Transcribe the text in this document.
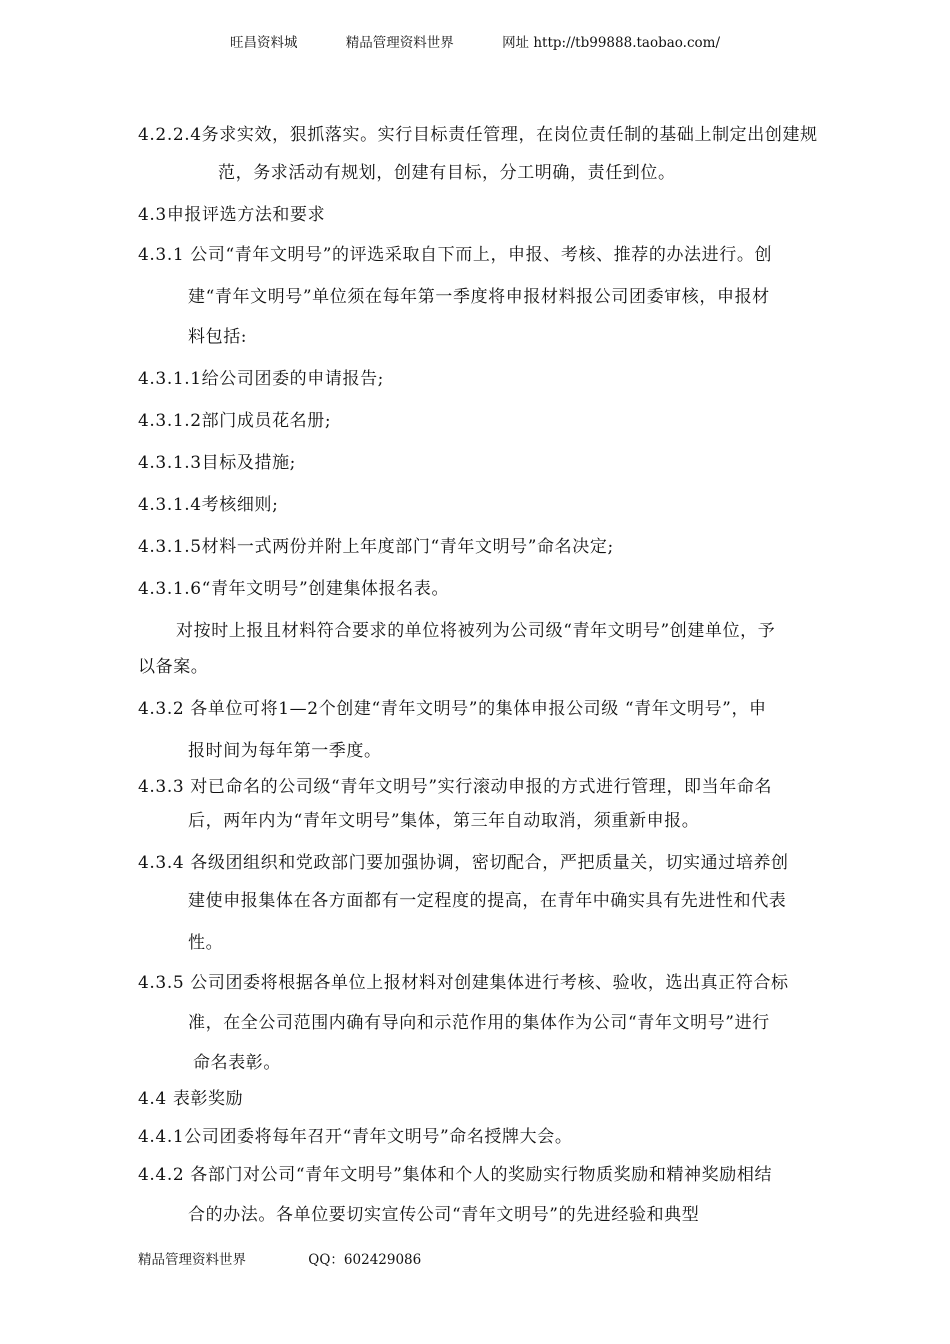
旺昌资料城	精品管理资料世界	网址 http://tb99888.taobao.com/
4.2.2.4务求实效，狠抓落实。实行目标责任管理，在岗位责任制的基础上制定出创建规
范，务求活动有规划，创建有目标，分工明确，责任到位。
4.3申报评选方法和要求
4.3.1 公司“青年文明号”的评选采取自下而上，申报、考核、推荐的办法进行。创
建“青年文明号”单位须在每年第一季度将申报材料报公司团委审核，申报材
料包括:
4.3.1.1给公司团委的申请报告;
4.3.1.2部门成员花名册;
4.3.1.3目标及措施;
4.3.1.4考核细则;
4.3.1.5材料一式两份并附上年度部门“青年文明号”命名决定;
4.3.1.6“青年文明号”创建集体报名表。
对按时上报且材料符合要求的单位将被列为公司级“青年文明号”创建单位，予
以备案。
4.3.2 各单位可将1—2个创建“青年文明号”的集体申报公司级 “青年文明号”，申
报时间为每年第一季度。
4.3.3 对已命名的公司级“青年文明号”实行滚动申报的方式进行管理，即当年命名
后，两年内为“青年文明号”集体，第三年自动取消，须重新申报。
4.3.4 各级团组织和党政部门要加强协调，密切配合，严把质量关，切实通过培养创
建使申报集体在各方面都有一定程度的提高，在青年中确实具有先进性和代表
性。
4.3.5 公司团委将根据各单位上报材料对创建集体进行考核、验收，选出真正符合标
准，在全公司范围内确有导向和示范作用的集体作为公司“青年文明号”进行
命名表彰。
4.4 表彰奖励
4.4.1公司团委将每年召开“青年文明号”命名授牌大会。
4.4.2 各部门对公司“青年文明号”集体和个人的奖励实行物质奖励和精神奖励相结
合的办法。各单位要切实宣传公司“青年文明号”的先进经验和典型
精品管理资料世界	QQ：602429086
